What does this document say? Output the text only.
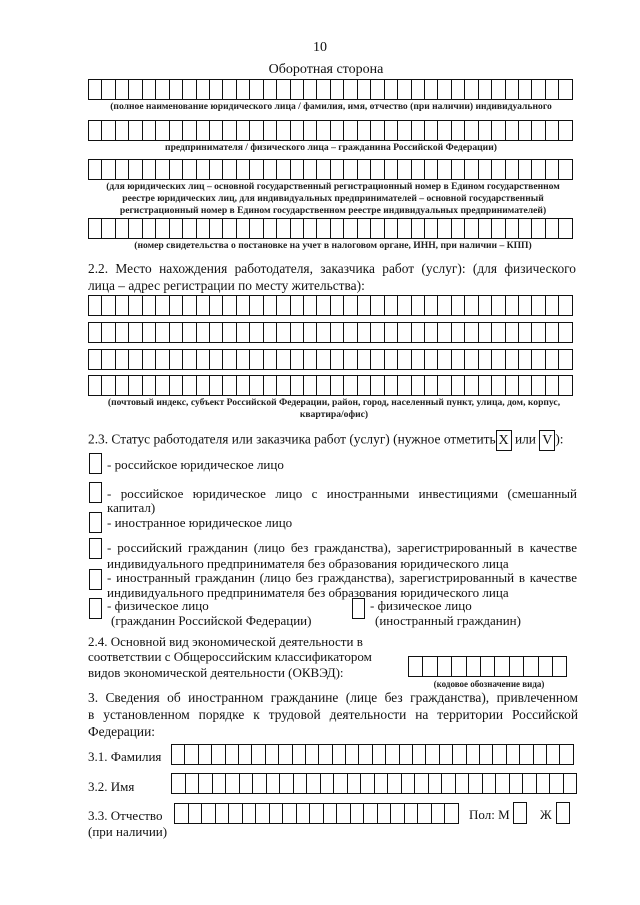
10
Оборотная сторона
(полное наименование юридического лица / фамилия, имя, отчество (при наличии) индивидуального
предпринимателя / физического лица – гражданина Российской Федерации)
(для юридических лиц – основной государственный регистрационный номер в Едином государственном
реестре юридических лиц, для индивидуальных предпринимателей – основной государственный
регистрационный номер в Едином государственном реестре индивидуальных предпринимателей)
(номер свидетельства о постановке на учет в налоговом органе, ИНН, при наличии – КПП)
2.2. Место нахождения работодателя, заказчика работ (услуг): (для физического
лица – адрес регистрации по месту жительства):
(почтовый индекс, субъект Российской Федерации, район, город, населенный пункт, улица, дом, корпус,
квартира/офис)
2.3. Статус работодателя или заказчика работ (услуг) (нужное отметить X или V ):
- российское юридическое лицо
- российское юридическое лицо с иностранными инвестициями (смешанный
капитал)
- иностранное юридическое лицо
- российский гражданин (лицо без гражданства), зарегистрированный в качестве
индивидуального предпринимателя без образования юридического лица
- иностранный гражданин (лицо без гражданства), зарегистрированный в качестве
индивидуального предпринимателя без образования юридического лица
- физическое лицо
(гражданин Российской Федерации)
- физическое лицо
(иностранный гражданин)
2.4. Основной вид экономической деятельности в
соответствии с Общероссийским классификатором
видов экономической деятельности (ОКВЭД):
(кодовое обозначение вида)
3. Сведения об иностранном гражданине (лице без гражданства), привлеченном
в установленном порядке к трудовой деятельности на территории Российской
Федерации:
3.1. Фамилия
3.2. Имя
3.3. Отчество
(при наличии)
Пол: М Ж
